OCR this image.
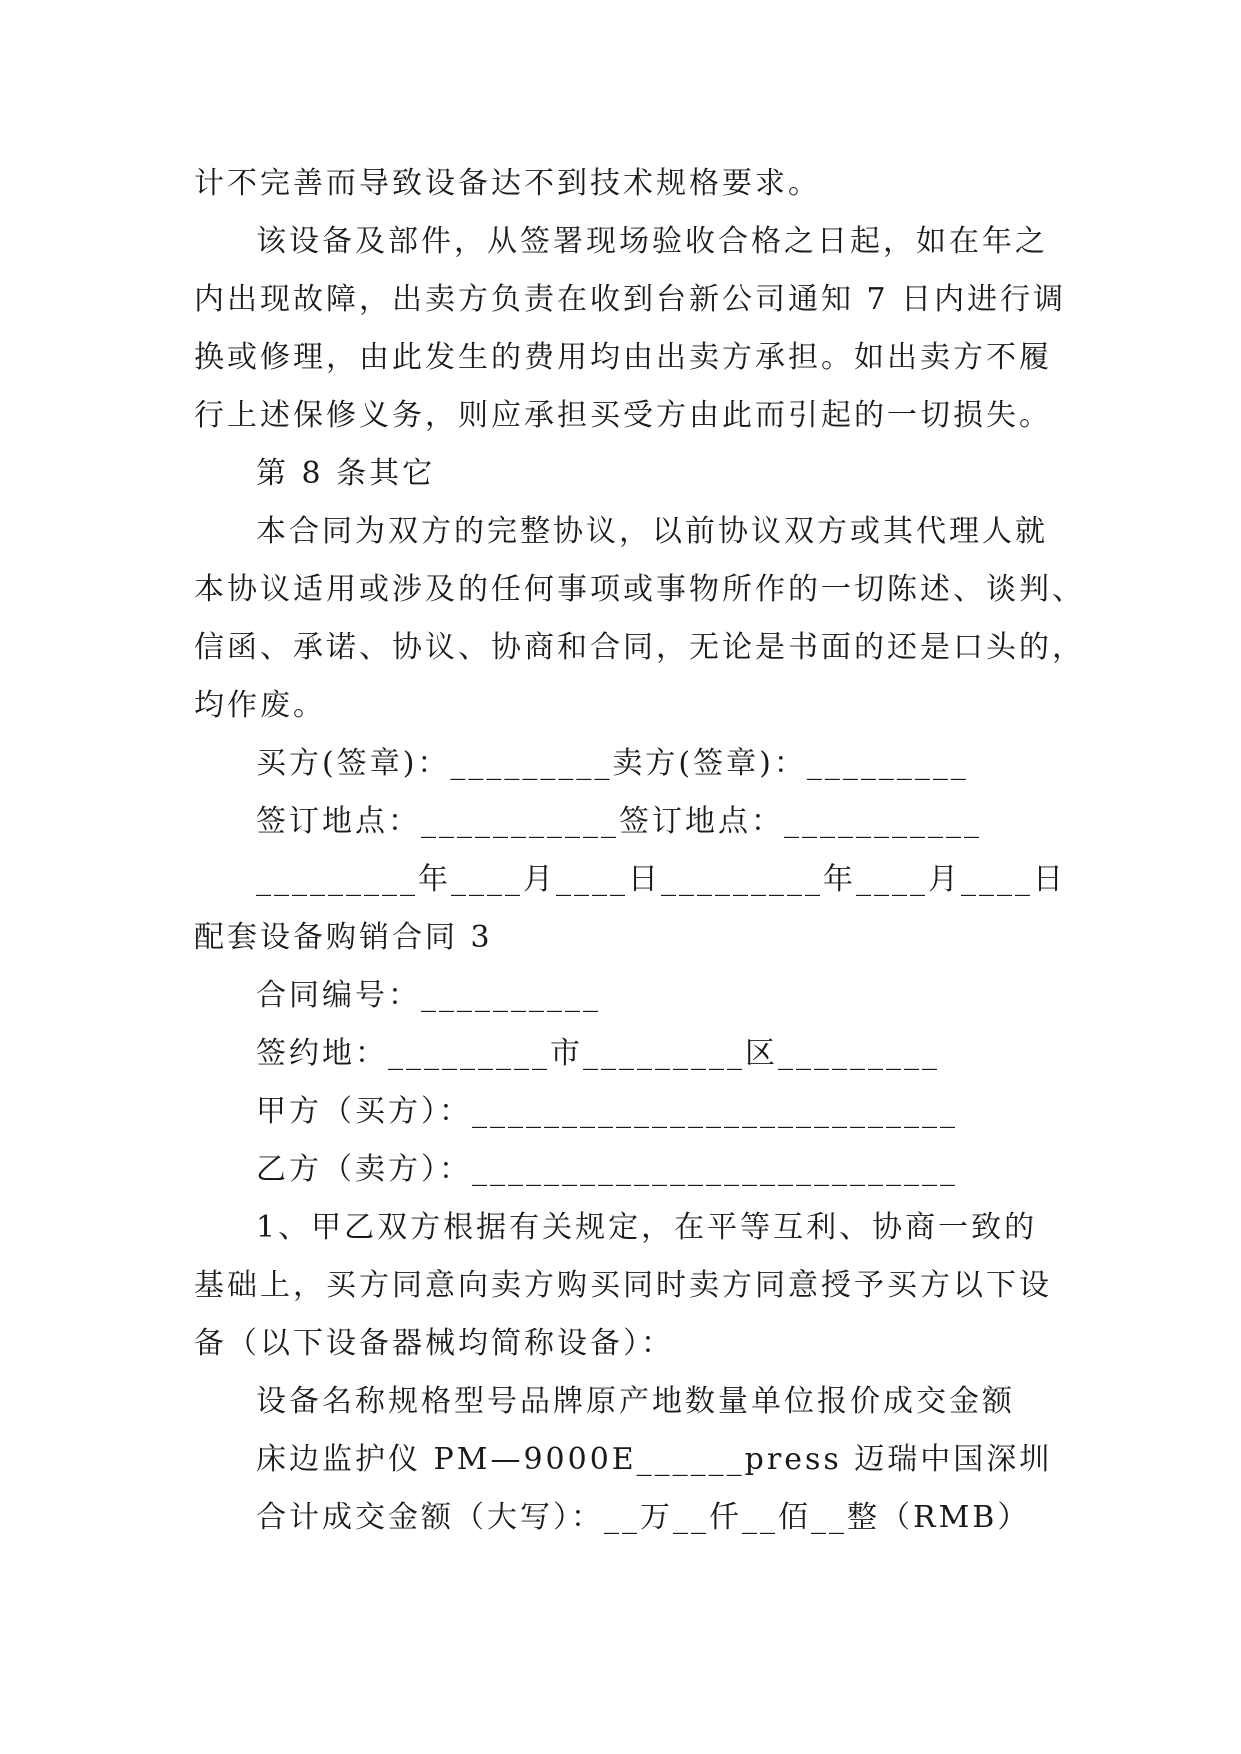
计不完善而导致设备达不到技术规格要求。
该设备及部件，从签署现场验收合格之日起，如在年之
内出现故障，出卖方负责在收到台新公司通知 7 日内进行调
换或修理，由此发生的费用均由出卖方承担。如出卖方不履
行上述保修义务，则应承担买受方由此而引起的一切损失。
第 8 条其它
本合同为双方的完整协议，以前协议双方或其代理人就
本协议适用或涉及的任何事项或事物所作的一切陈述、谈判、
信函、承诺、协议、协商和合同，无论是书面的还是口头的，
均作废。
买方(签章)：_________卖方(签章)：_________
签订地点：___________签订地点：___________
_________年____月____日_________年____月____日
配套设备购销合同 3
合同编号：__________
签约地：_________市_________区_________
甲方（买方）：___________________________
乙方（卖方）：___________________________
1、甲乙双方根据有关规定，在平等互利、协商一致的
基础上，买方同意向卖方购买同时卖方同意授予买方以下设
备（以下设备器械均简称设备）：
设备名称规格型号品牌原产地数量单位报价成交金额
床边监护仪 PM—9000E______press 迈瑞中国深圳
合计成交金额（大写）：__万__仟__佰__整（RMB）
